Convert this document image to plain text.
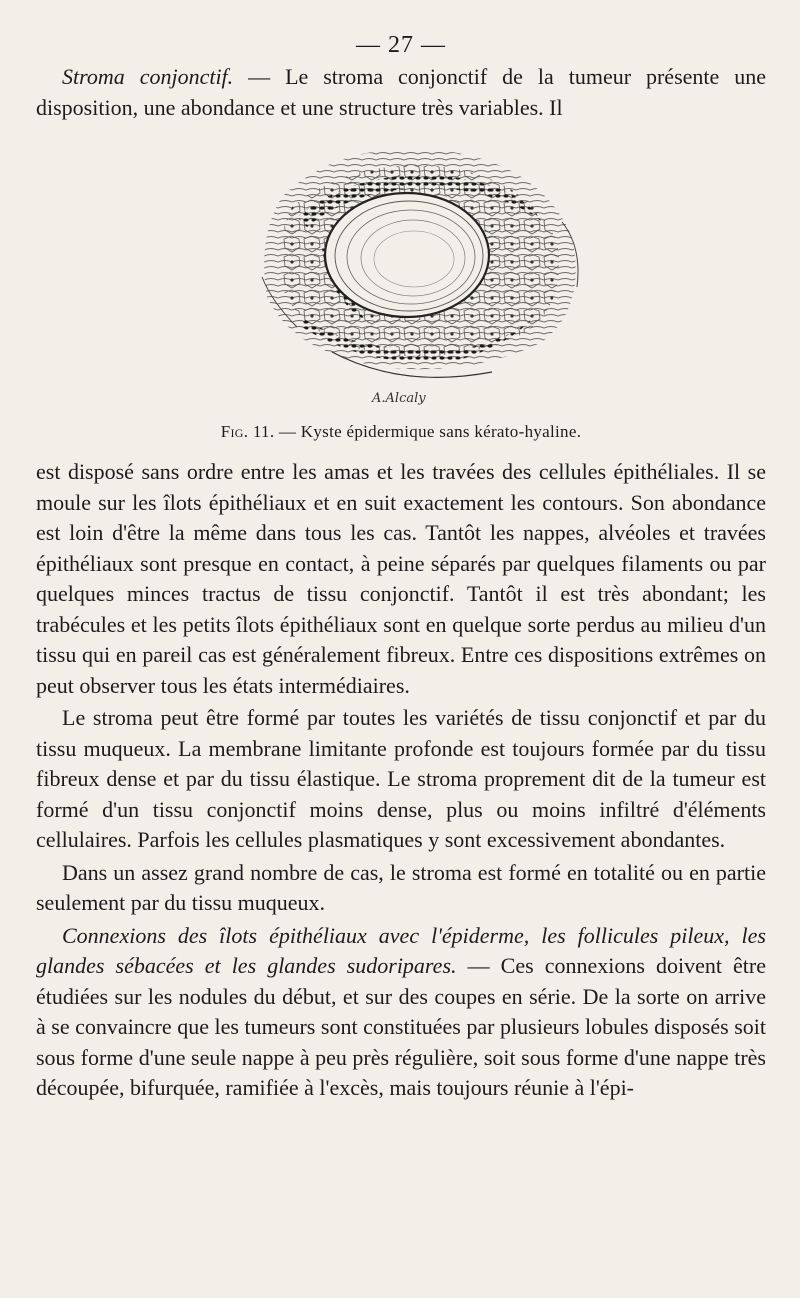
— 27 —

Stroma conjonctif. — Le stroma conjonctif de la tumeur présente une disposition, une abondance et une structure très variables. Il

A.Alcaly
Fig. 11. — Kyste épidermique sans kérato-hyaline.

est disposé sans ordre entre les amas et les travées des cellules épithéliales. Il se moule sur les îlots épithéliaux et en suit exactement les contours. Son abondance est loin d'être la même dans tous les cas. Tantôt les nappes, alvéoles et travées épithéliaux sont presque en contact, à peine séparés par quelques filaments ou par quelques minces tractus de tissu conjonctif. Tantôt il est très abondant; les trabécules et les petits îlots épithéliaux sont en quelque sorte perdus au milieu d'un tissu qui en pareil cas est généralement fibreux. Entre ces dispositions extrêmes on peut observer tous les états intermédiaires.

Le stroma peut être formé par toutes les variétés de tissu conjonctif et par du tissu muqueux. La membrane limitante profonde est toujours formée par du tissu fibreux dense et par du tissu élastique. Le stroma proprement dit de la tumeur est formé d'un tissu conjonctif moins dense, plus ou moins infiltré d'éléments cellulaires. Parfois les cellules plasmatiques y sont excessivement abondantes.

Dans un assez grand nombre de cas, le stroma est formé en totalité ou en partie seulement par du tissu muqueux.

Connexions des îlots épithéliaux avec l'épiderme, les follicules pileux, les glandes sébacées et les glandes sudoripares. — Ces connexions doivent être étudiées sur les nodules du début, et sur des coupes en série. De la sorte on arrive à se convaincre que les tumeurs sont constituées par plusieurs lobules disposés soit sous forme d'une seule nappe à peu près régulière, soit sous forme d'une nappe très découpée, bifurquée, ramifiée à l'excès, mais toujours réunie à l'épi-
